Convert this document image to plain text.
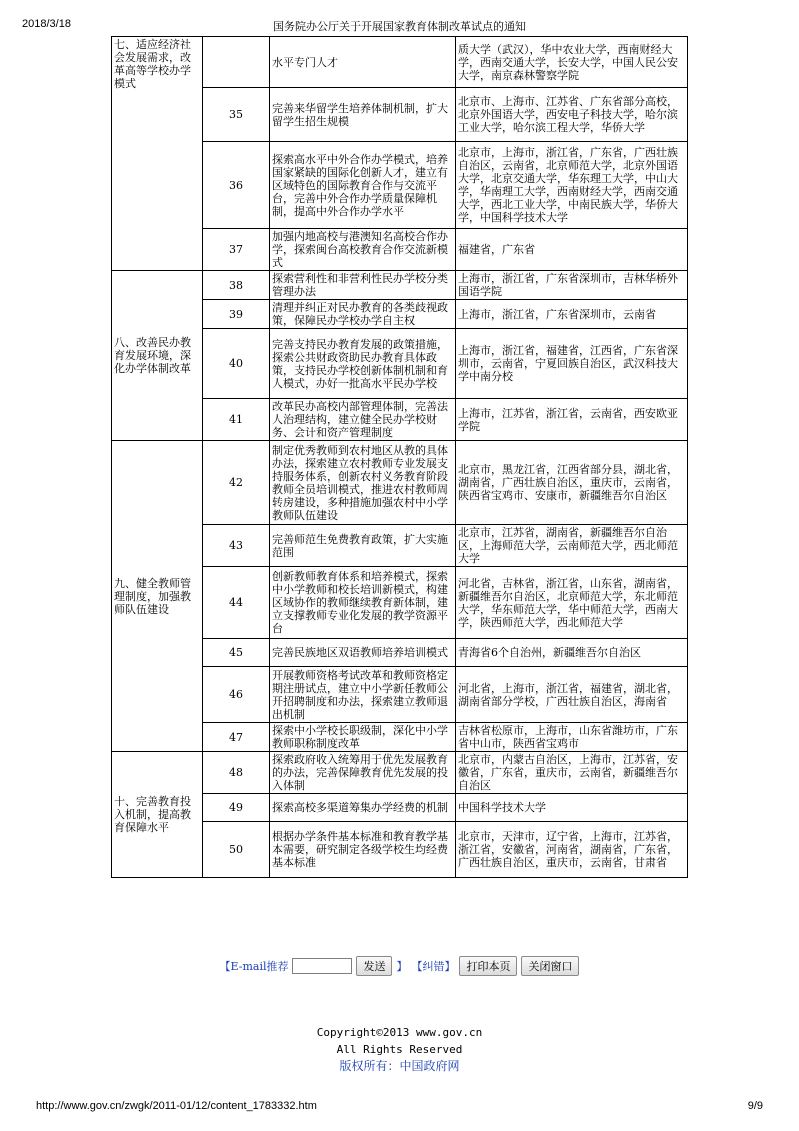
2018/3/18	国务院办公厅关于开展国家教育体制改革试点的通知
七、适应经济社会发展需求，改革高等学校办学模式		水平专门人才	质大学（武汉），华中农业大学，西南财经大学，西南交通大学，长安大学，中国人民公安大学，南京森林警察学院
	35	完善来华留学生培养体制机制，扩大留学生招生规模	北京市、上海市、江苏省、广东省部分高校，北京外国语大学，西安电子科技大学，哈尔滨工业大学，哈尔滨工程大学，华侨大学
	36	探索高水平中外合作办学模式，培养国家紧缺的国际化创新人才，建立有区域特色的国际教育合作与交流平台，完善中外合作办学质量保障机制，提高中外合作办学水平	北京市，上海市，浙江省，广东省，广西壮族自治区，云南省，北京师范大学，北京外国语大学，北京交通大学，华东理工大学，中山大学，华南理工大学，西南财经大学，西南交通大学，西北工业大学，中南民族大学，华侨大学，中国科学技术大学
	37	加强内地高校与港澳知名高校合作办学，探索闽台高校教育合作交流新模式	福建省，广东省
八、改善民办教育发展环境，深化办学体制改革	38	探索营利性和非营利性民办学校分类管理办法	上海市，浙江省，广东省深圳市，吉林华桥外国语学院
	39	清理并纠正对民办教育的各类歧视政策，保障民办学校办学自主权	上海市，浙江省，广东省深圳市，云南省
	40	完善支持民办教育发展的政策措施，探索公共财政资助民办教育具体政策，支持民办学校创新体制机制和育人模式，办好一批高水平民办学校	上海市，浙江省，福建省，江西省，广东省深圳市，云南省，宁夏回族自治区，武汉科技大学中南分校
	41	改革民办高校内部管理体制，完善法人治理结构，建立健全民办学校财务、会计和资产管理制度	上海市，江苏省，浙江省，云南省，西安欧亚学院
九、健全教师管理制度，加强教师队伍建设	42	制定优秀教师到农村地区从教的具体办法，探索建立农村教师专业发展支持服务体系，创新农村义务教育阶段教师全员培训模式，推进农村教师周转房建设，多种措施加强农村中小学教师队伍建设	北京市，黑龙江省，江西省部分县，湖北省，湖南省，广西壮族自治区，重庆市，云南省，陕西省宝鸡市、安康市，新疆维吾尔自治区
	43	完善师范生免费教育政策，扩大实施范围	北京市，江苏省，湖南省，新疆维吾尔自治区，上海师范大学，云南师范大学，西北师范大学
	44	创新教师教育体系和培养模式，探索中小学教师和校长培训新模式，构建区域协作的教师继续教育新体制，建立支撑教师专业化发展的教学资源平台	河北省，吉林省，浙江省，山东省，湖南省，新疆维吾尔自治区，北京师范大学，东北师范大学，华东师范大学，华中师范大学，西南大学，陕西师范大学，西北师范大学
	45	完善民族地区双语教师培养培训模式	青海省6个自治州，新疆维吾尔自治区
	46	开展教师资格考试改革和教师资格定期注册试点，建立中小学新任教师公开招聘制度和办法，探索建立教师退出机制	河北省，上海市，浙江省，福建省，湖北省，湖南省部分学校，广西壮族自治区，海南省
	47	探索中小学校长职级制，深化中小学教师职称制度改革	吉林省松原市，上海市，山东省潍坊市，广东省中山市，陕西省宝鸡市
十、完善教育投入机制，提高教育保障水平	48	探索政府收入统筹用于优先发展教育的办法，完善保障教育优先发展的投入体制	北京市，内蒙古自治区，上海市，江苏省，安徽省，广东省，重庆市，云南省，新疆维吾尔自治区
	49	探索高校多渠道筹集办学经费的机制	中国科学技术大学
	50	根据办学条件基本标准和教育教学基本需要，研究制定各级学校生均经费基本标准	北京市，天津市，辽宁省，上海市，江苏省，浙江省，安徽省，河南省，湖南省，广东省，广西壮族自治区，重庆市，云南省，甘肃省
【E-mail推荐	发送	】 【纠错】	打印本页	关闭窗口
Copyright©2013 www.gov.cn
All Rights Reserved
版权所有：中国政府网
http://www.gov.cn/zwgk/2011-01/12/content_1783332.htm	9/9
